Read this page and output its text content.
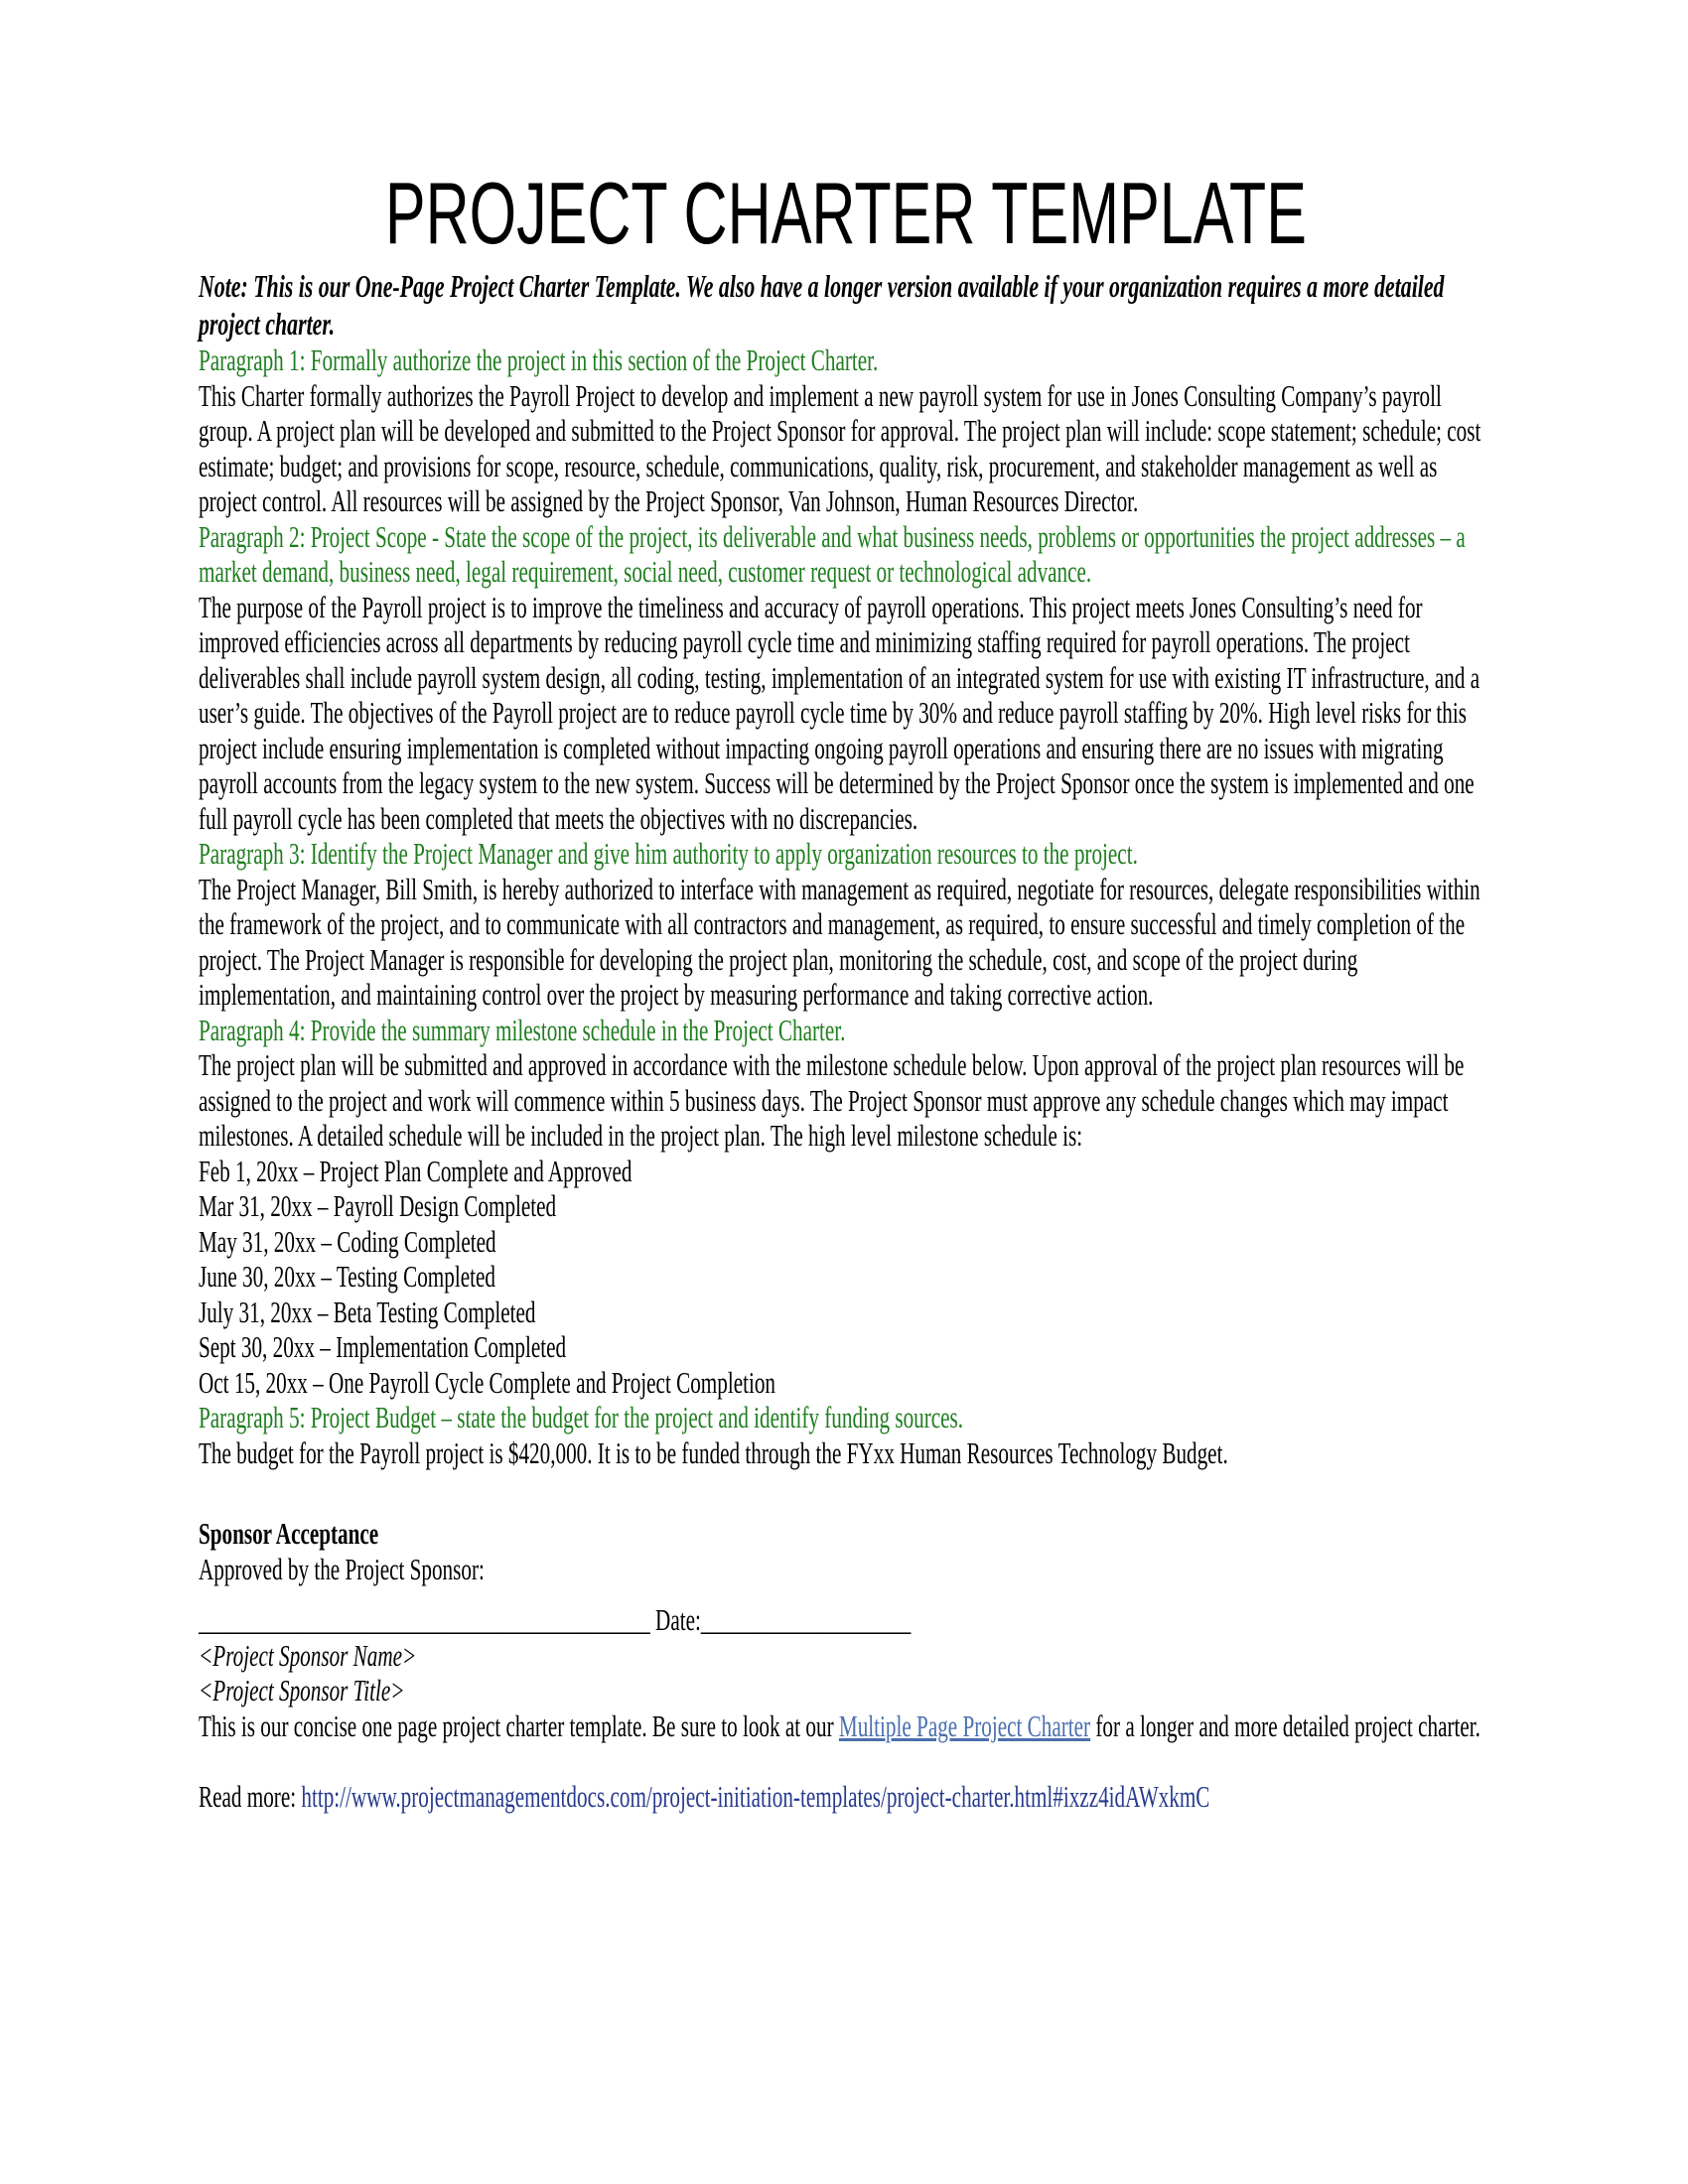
PROJECT CHARTER TEMPLATE

Note: This is our One-Page Project Charter Template. We also have a longer version available if your organization requires a more detailed project charter.

Paragraph 1: Formally authorize the project in this section of the Project Charter.

This Charter formally authorizes the Payroll Project to develop and implement a new payroll system for use in Jones Consulting Company’s payroll group. A project plan will be developed and submitted to the Project Sponsor for approval. The project plan will include: scope statement; schedule; cost estimate; budget; and provisions for scope, resource, schedule, communications, quality, risk, procurement, and stakeholder management as well as project control. All resources will be assigned by the Project Sponsor, Van Johnson, Human Resources Director.

Paragraph 2: Project Scope - State the scope of the project, its deliverable and what business needs, problems or opportunities the project addresses – a market demand, business need, legal requirement, social need, customer request or technological advance.

The purpose of the Payroll project is to improve the timeliness and accuracy of payroll operations. This project meets Jones Consulting’s need for improved efficiencies across all departments by reducing payroll cycle time and minimizing staffing required for payroll operations. The project deliverables shall include payroll system design, all coding, testing, implementation of an integrated system for use with existing IT infrastructure, and a user’s guide. The objectives of the Payroll project are to reduce payroll cycle time by 30% and reduce payroll staffing by 20%. High level risks for this project include ensuring implementation is completed without impacting ongoing payroll operations and ensuring there are no issues with migrating payroll accounts from the legacy system to the new system. Success will be determined by the Project Sponsor once the system is implemented and one full payroll cycle has been completed that meets the objectives with no discrepancies.

Paragraph 3: Identify the Project Manager and give him authority to apply organization resources to the project.

The Project Manager, Bill Smith, is hereby authorized to interface with management as required, negotiate for resources, delegate responsibilities within the framework of the project, and to communicate with all contractors and management, as required, to ensure successful and timely completion of the project. The Project Manager is responsible for developing the project plan, monitoring the schedule, cost, and scope of the project during implementation, and maintaining control over the project by measuring performance and taking corrective action.

Paragraph 4: Provide the summary milestone schedule in the Project Charter.

The project plan will be submitted and approved in accordance with the milestone schedule below. Upon approval of the project plan resources will be assigned to the project and work will commence within 5 business days. The Project Sponsor must approve any schedule changes which may impact milestones. A detailed schedule will be included in the project plan. The high level milestone schedule is:

Feb 1, 20xx – Project Plan Complete and Approved

Mar 31, 20xx – Payroll Design Completed

May 31, 20xx – Coding Completed

June 30, 20xx – Testing Completed

July 31, 20xx – Beta Testing Completed

Sept 30, 20xx – Implementation Completed

Oct 15, 20xx – One Payroll Cycle Complete and Project Completion

Paragraph 5: Project Budget – state the budget for the project and identify funding sources.

The budget for the Payroll project is $420,000. It is to be funded through the FYxx Human Resources Technology Budget.

Sponsor Acceptance

Approved by the Project Sponsor:

___________________________________________ Date:____________________

<Project Sponsor Name>

<Project Sponsor Title>

This is our concise one page project charter template. Be sure to look at our Multiple Page Project Charter for a longer and more detailed project charter.

Read more: http://www.projectmanagementdocs.com/project-initiation-templates/project-charter.html#ixzz4idAWxkmC
